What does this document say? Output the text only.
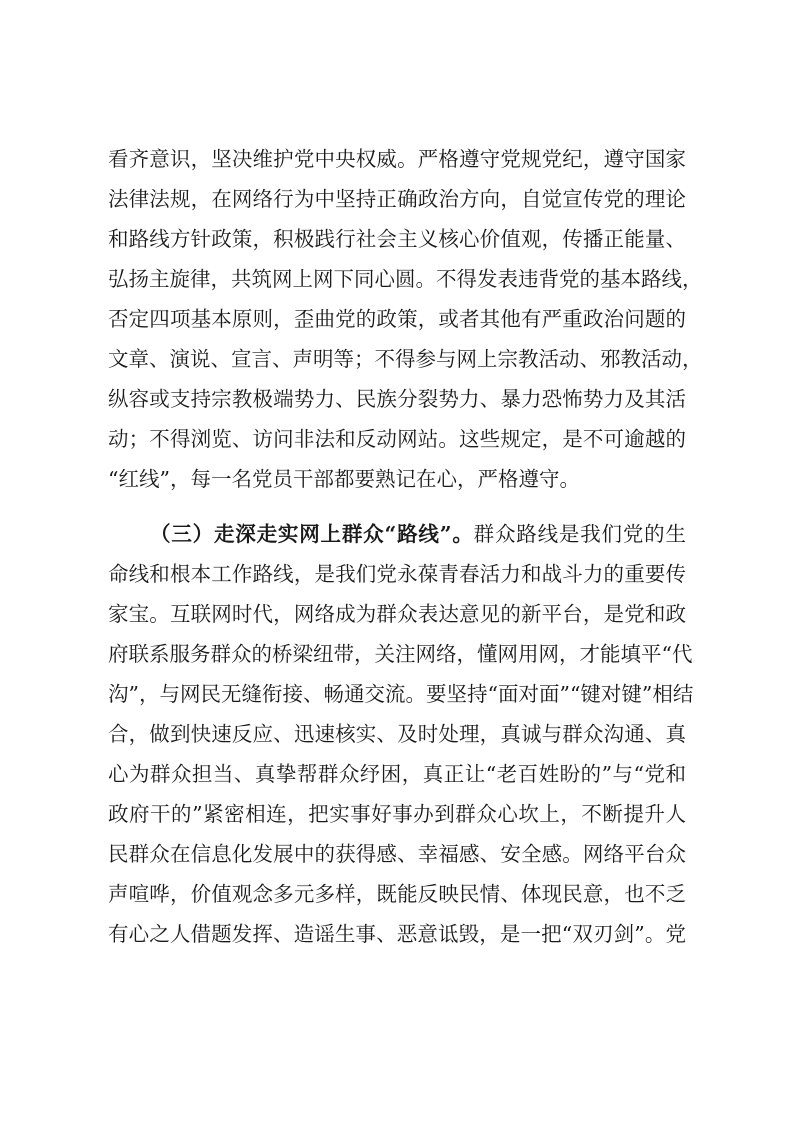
看齐意识，坚决维护党中央权威。严格遵守党规党纪，遵守国家
法律法规，在网络行为中坚持正确政治方向，自觉宣传党的理论
和路线方针政策，积极践行社会主义核心价值观，传播正能量、
弘扬主旋律，共筑网上网下同心圆。不得发表违背党的基本路线，
否定四项基本原则，歪曲党的政策，或者其他有严重政治问题的
文章、演说、宣言、声明等；不得参与网上宗教活动、邪教活动，
纵容或支持宗教极端势力、民族分裂势力、暴力恐怖势力及其活
动；不得浏览、访问非法和反动网站。这些规定，是不可逾越的
“红线”，每一名党员干部都要熟记在心，严格遵守。
（三）走深走实网上群众“路线”。群众路线是我们党的生
命线和根本工作路线，是我们党永葆青春活力和战斗力的重要传
家宝。互联网时代，网络成为群众表达意见的新平台，是党和政
府联系服务群众的桥梁纽带，关注网络，懂网用网，才能填平“代
沟”，与网民无缝衔接、畅通交流。要坚持“面对面”“键对键”相结
合，做到快速反应、迅速核实、及时处理，真诚与群众沟通、真
心为群众担当、真挚帮群众纾困，真正让“老百姓盼的”与“党和
政府干的”紧密相连，把实事好事办到群众心坎上，不断提升人
民群众在信息化发展中的获得感、幸福感、安全感。网络平台众
声喧哗，价值观念多元多样，既能反映民情、体现民意，也不乏
有心之人借题发挥、造谣生事、恶意诋毁，是一把“双刃剑”。党
